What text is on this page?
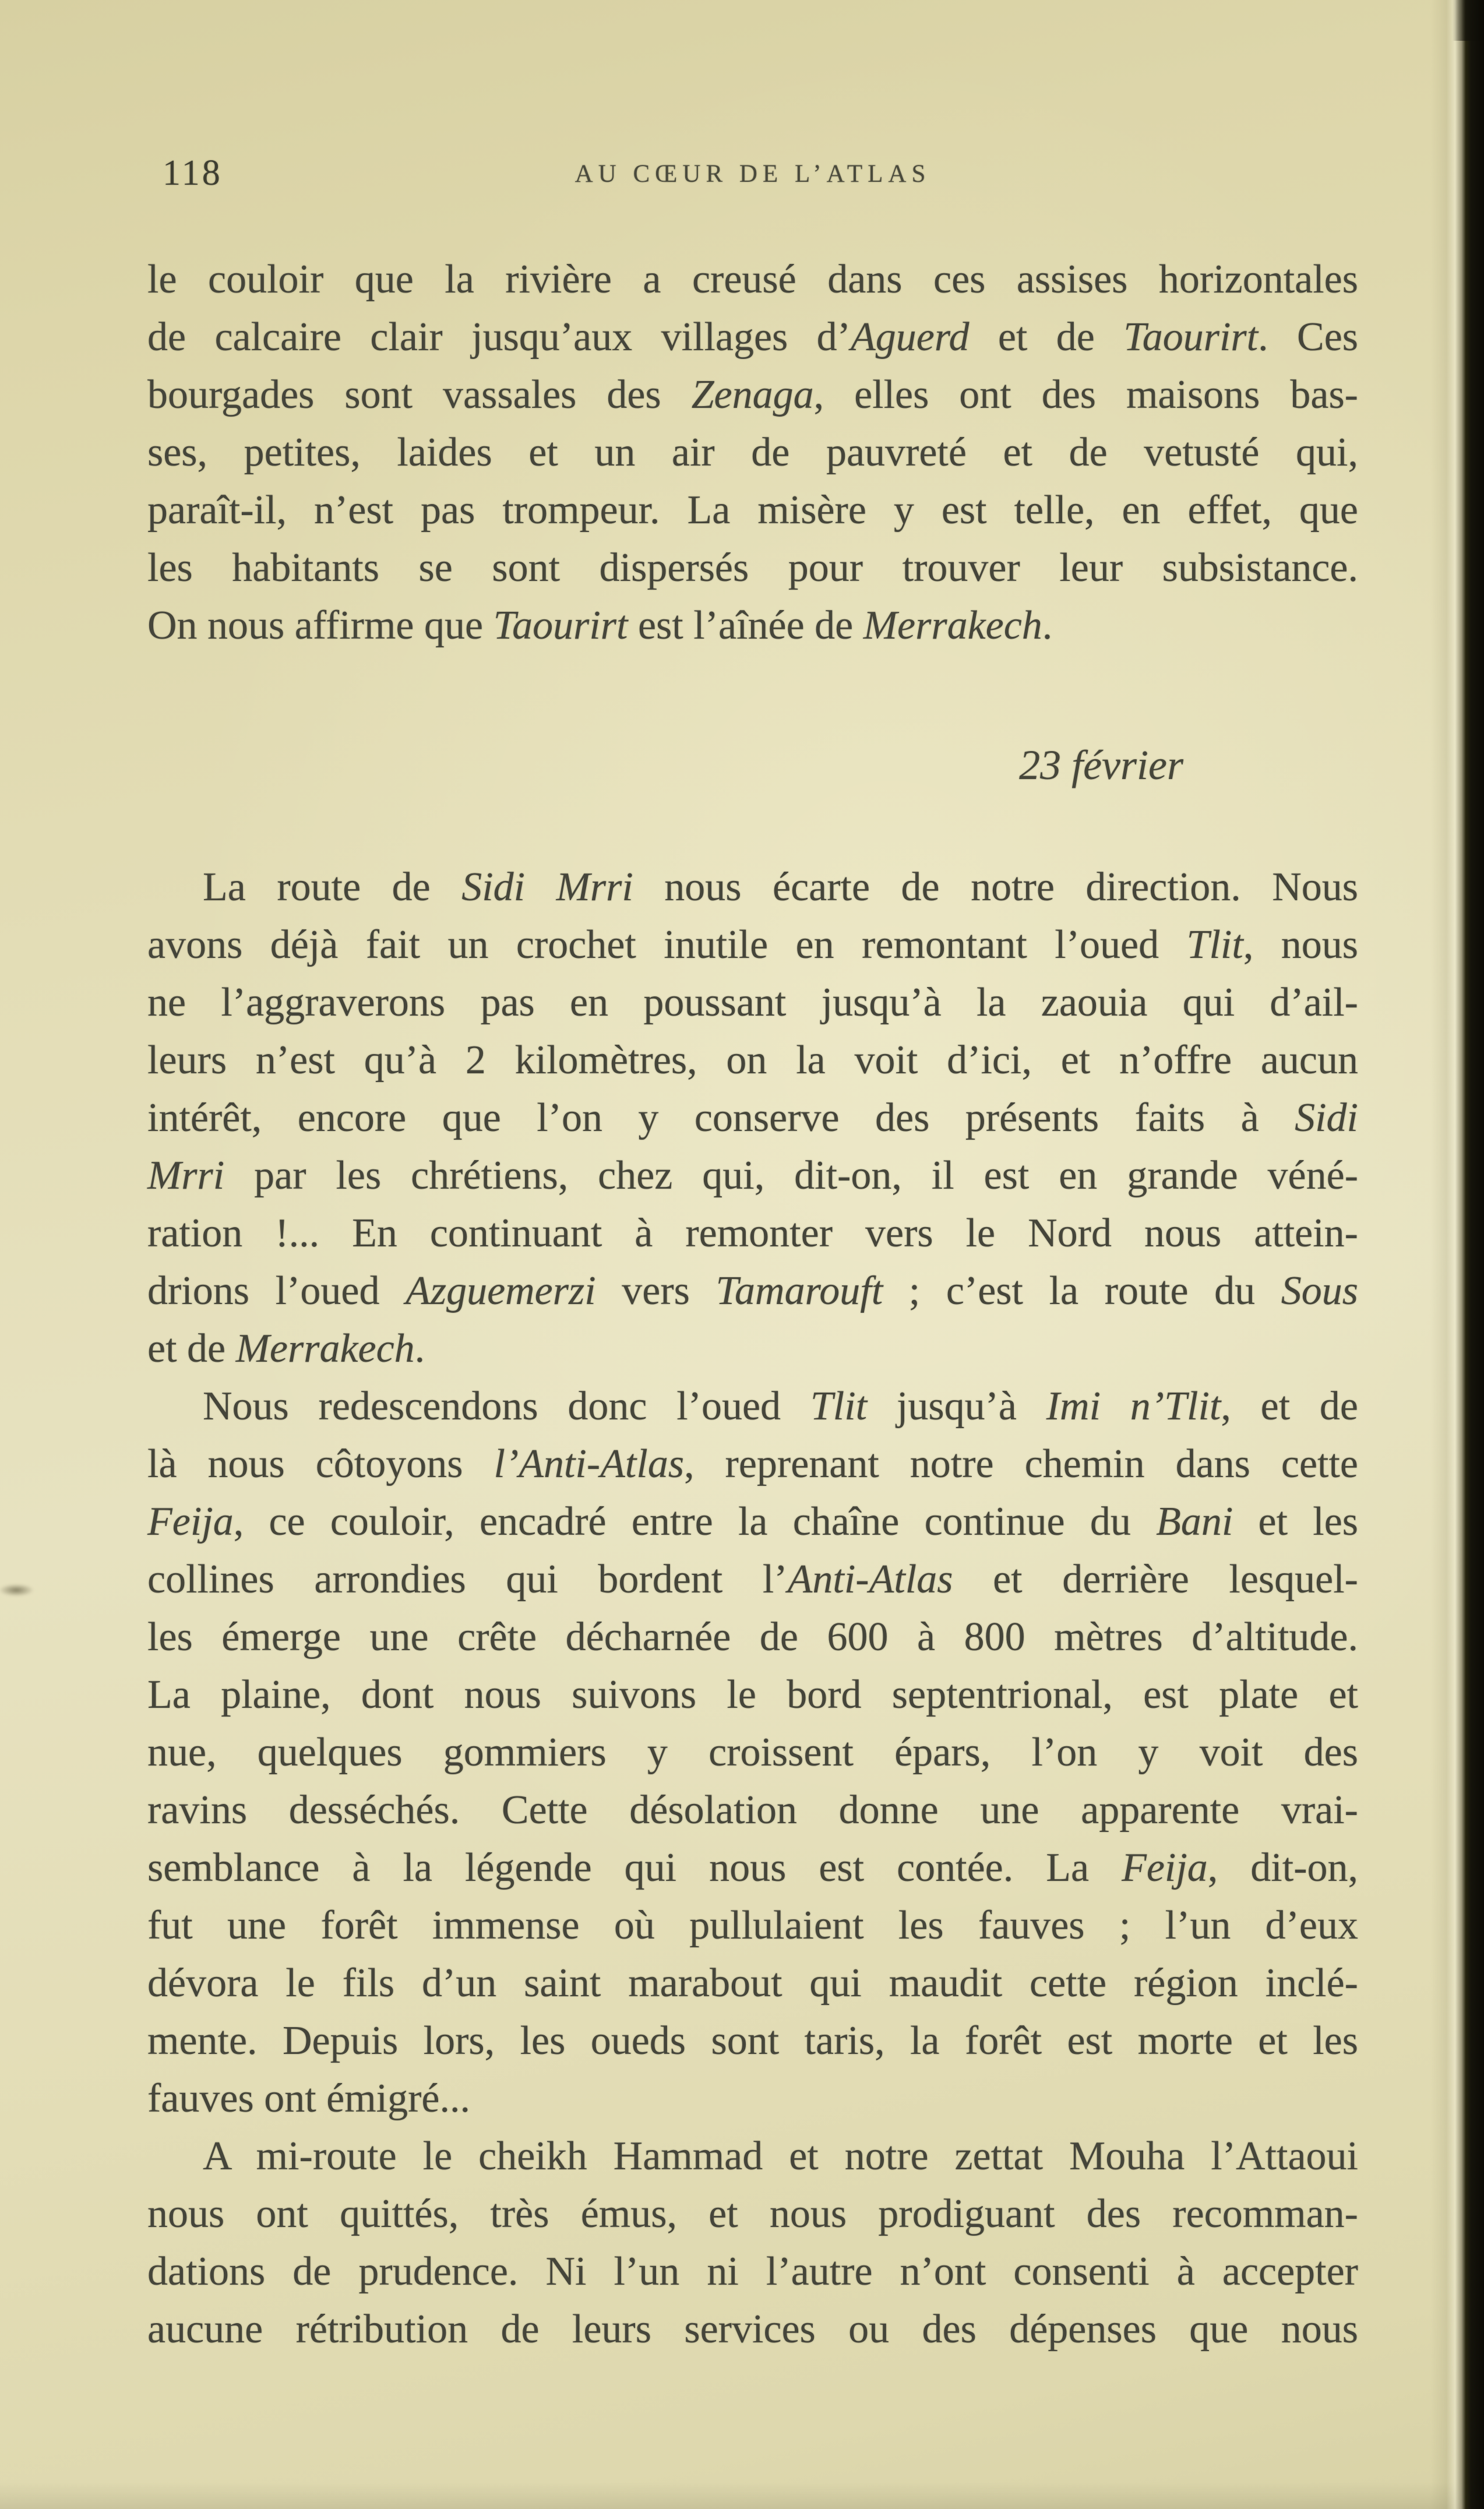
118	AU CŒUR DE L’ATLAS
le couloir que la rivière a creusé dans ces assises horizontales
de calcaire clair jusqu’aux villages d’Aguerd et de Taourirt. Ces
bourgades sont vassales des Zenaga, elles ont des maisons bas-
ses, petites, laides et un air de pauvreté et de vetusté qui,
paraît-il, n’est pas trompeur. La misère y est telle, en effet, que
les habitants se sont dispersés pour trouver leur subsistance.
On nous affirme que Taourirt est l’aînée de Merrakech.
23 février
La route de Sidi Mrri nous écarte de notre direction. Nous
avons déjà fait un crochet inutile en remontant l’oued Tlit, nous
ne l’aggraverons pas en poussant jusqu’à la zaouia qui d’ail-
leurs n’est qu’à 2 kilomètres, on la voit d’ici, et n’offre aucun
intérêt, encore que l’on y conserve des présents faits à Sidi
Mrri par les chrétiens, chez qui, dit-on, il est en grande véné-
ration !... En continuant à remonter vers le Nord nous attein-
drions l’oued Azguemerzi vers Tamarouft ; c’est la route du Sous
et de Merrakech.
Nous redescendons donc l’oued Tlit jusqu’à Imi n’Tlit, et de
là nous côtoyons l’Anti-Atlas, reprenant notre chemin dans cette
Feija, ce couloir, encadré entre la chaîne continue du Bani et les
collines arrondies qui bordent l’Anti-Atlas et derrière lesquel-
les émerge une crête décharnée de 600 à 800 mètres d’altitude.
La plaine, dont nous suivons le bord septentrional, est plate et
nue, quelques gommiers y croissent épars, l’on y voit des
ravins desséchés. Cette désolation donne une apparente vrai-
semblance à la légende qui nous est contée. La Feija, dit-on,
fut une forêt immense où pullulaient les fauves ; l’un d’eux
dévora le fils d’un saint marabout qui maudit cette région inclé-
mente. Depuis lors, les oueds sont taris, la forêt est morte et les
fauves ont émigré...
A mi-route le cheikh Hammad et notre zettat Mouha l’Attaoui
nous ont quittés, très émus, et nous prodiguant des recomman-
dations de prudence. Ni l’un ni l’autre n’ont consenti à accepter
aucune rétribution de leurs services ou des dépenses que nous
